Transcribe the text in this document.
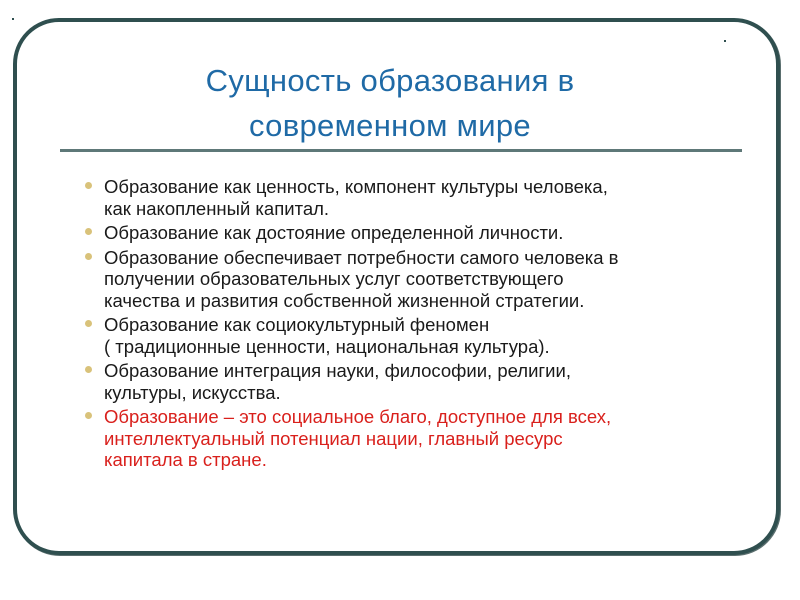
Сущность образования в
современном мире
Образование как ценность, компонент культуры человека,
как накопленный капитал.
Образование как достояние определенной личности.
Образование обеспечивает потребности самого человека в
получении образовательных услуг соответствующего
качества и развития собственной жизненной стратегии.
Образование как социокультурный феномен
( традиционные ценности, национальная культура).
Образование интеграция науки, философии, религии,
культуры, искусства.
Образование – это социальное благо, доступное для всех,
интеллектуальный потенциал нации, главный ресурс
капитала в стране.
